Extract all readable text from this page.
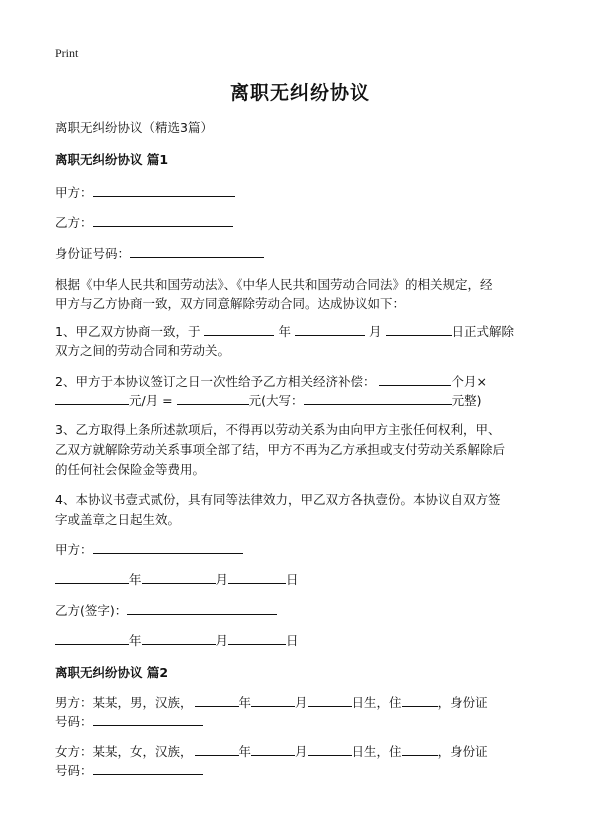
Print
离职无纠纷协议
离职无纠纷协议（精选3篇）
离职无纠纷协议 篇1
甲方：
乙方：
身份证号码：
根据《中华人民共和国劳动法》、《中华人民共和国劳动合同法》的相关规定，经
甲方与乙方协商一致，双方同意解除劳动合同。达成协议如下：
1、甲乙双方协商一致，于	年	月	日正式解除
双方之间的劳动合同和劳动关。
2、甲方于本协议签订之日一次性给予乙方相关经济补偿：	个月×
元/月 =	元(大写：	元整)
3、乙方取得上条所述款项后，不得再以劳动关系为由向甲方主张任何权利，甲、
乙双方就解除劳动关系事项全部了结，甲方不再为乙方承担或支付劳动关系解除后
的任何社会保险金等费用。
4、本协议书壹式贰份，具有同等法律效力，甲乙双方各执壹份。本协议自双方签
字或盖章之日起生效。
甲方：
年	月	日
乙方(签字)：
年	月	日
离职无纠纷协议 篇2
男方：某某，男，汉族，	年	月	日生，住	，身份证
号码：
女方：某某，女，汉族，	年	月	日生，住	，身份证
号码：
